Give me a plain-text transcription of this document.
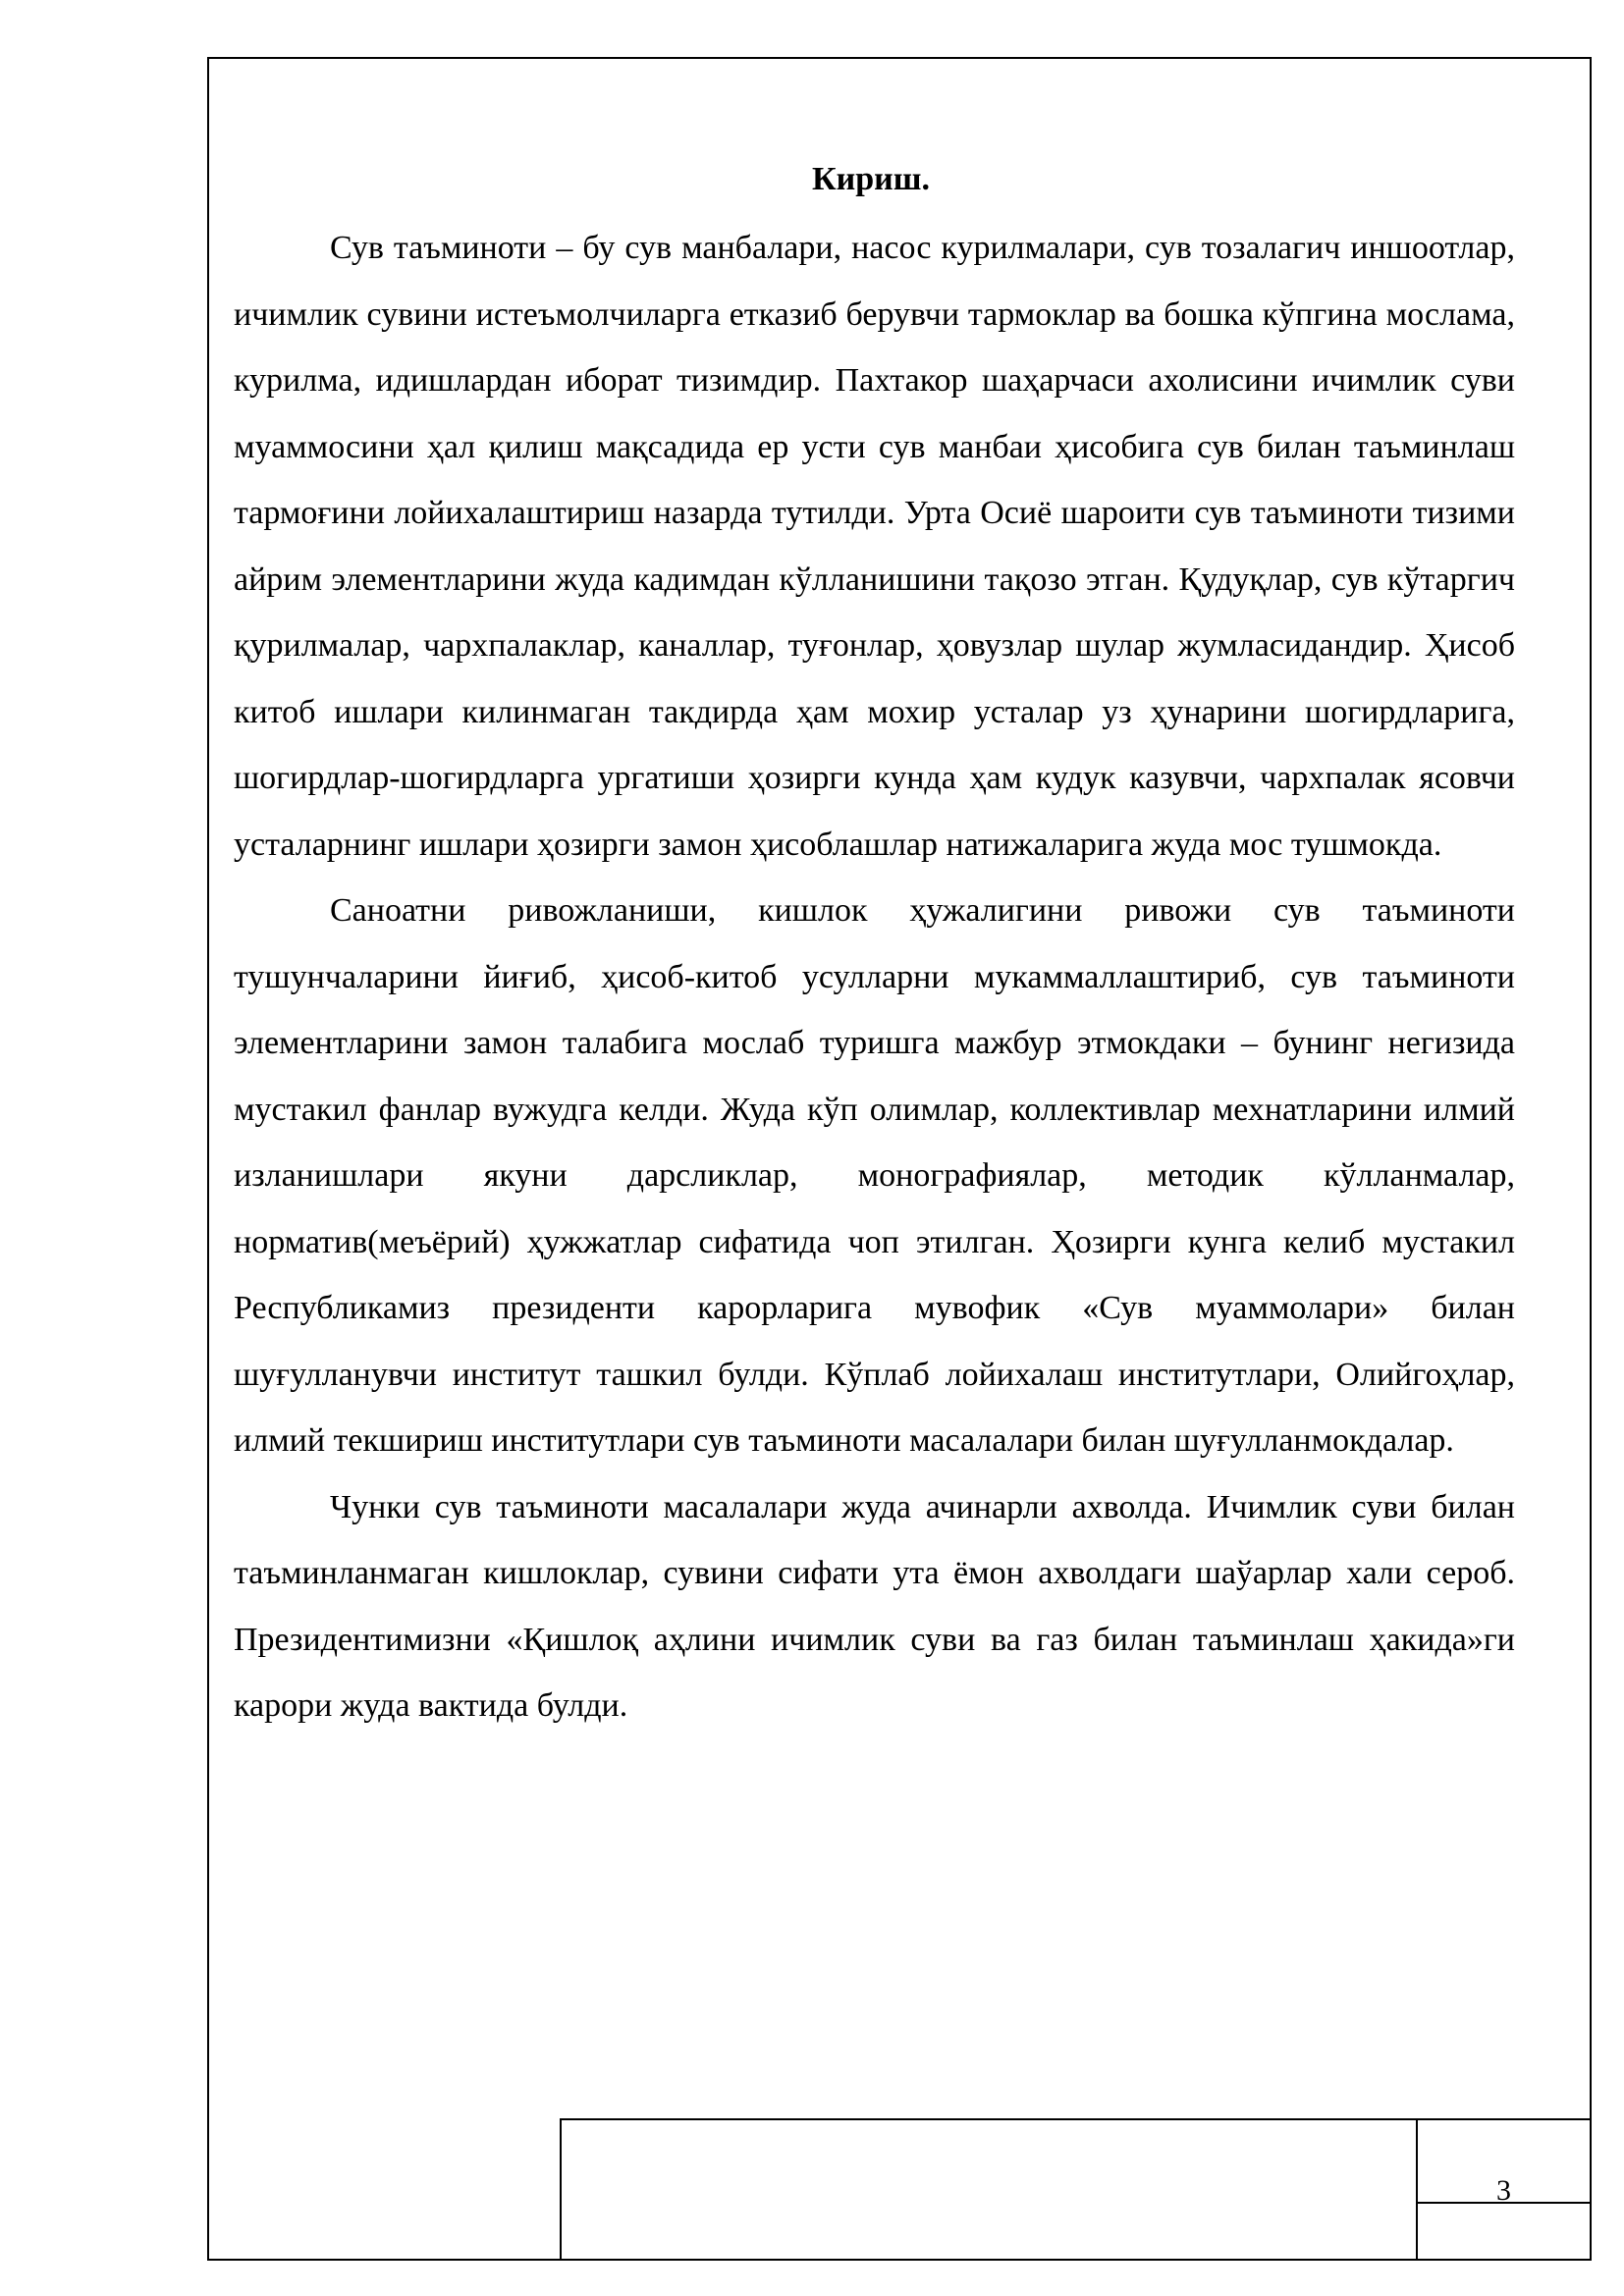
Кириш.

Сув таъминоти – бу сув манбалари, насос курилмалари, сув тозалагич иншоотлар, ичимлик сувини истеъмолчиларга етказиб берувчи тармоклар ва бошка кўпгина мослама, курилма, идишлардан иборат тизимдир. Пахтакор шаҳарчаси ахолисини ичимлик суви муаммосини ҳал қилиш мақсадида ер усти сув манбаи ҳисобига сув билан таъминлаш тармоғини лойихалаштириш назарда тутилди. Урта Осиё шароити сув таъминоти тизими айрим элементларини жуда кадимдан кўлланишини тақозо этган. Қудуқлар, сув кўтаргич қурилмалар, чархпалаклар, каналлар, туғонлар, ҳовузлар шулар жумласидандир. Ҳисоб китоб ишлари килинмаган такдирда ҳам мохир усталар уз ҳунарини шогирдларига, шогирдлар-шогирдларга ургатиши ҳозирги кунда ҳам кудук казувчи, чархпалак ясовчи усталарнинг ишлари ҳозирги замон ҳисоблашлар натижаларига жуда мос тушмокда.

Саноатни ривожланиши, кишлок ҳужалигини ривожи сув таъминоти тушунчаларини йиғиб, ҳисоб-китоб усулларни мукаммаллаштириб, сув таъминоти элементларини замон талабига мослаб туришга мажбур этмокдаки – бунинг негизида мустакил фанлар вужудга келди. Жуда кўп олимлар, коллективлар мехнатларини илмий изланишлари якуни дарсликлар, монографиялар, методик кўлланмалар, норматив(меъёрий) ҳужжатлар сифатида чоп этилган. Ҳозирги кунга келиб мустакил Республикамиз президенти карорларига мувофик «Сув муаммолари» билан шуғулланувчи институт ташкил булди. Кўплаб лойихалаш институтлари, Олийгоҳлар, илмий текшириш институтлари сув таъминоти масалалари билан шуғулланмокдалар.

Чунки сув таъминоти масалалари жуда ачинарли ахволда. Ичимлик суви билан таъминланмаган кишлоклар, сувини сифати ута ёмон ахволдаги шаўарлар хали сероб. Президентимизни «Қишлоқ аҳлини ичимлик суви ва газ билан таъминлаш ҳакида»ги карори жуда вактида булди.

3
